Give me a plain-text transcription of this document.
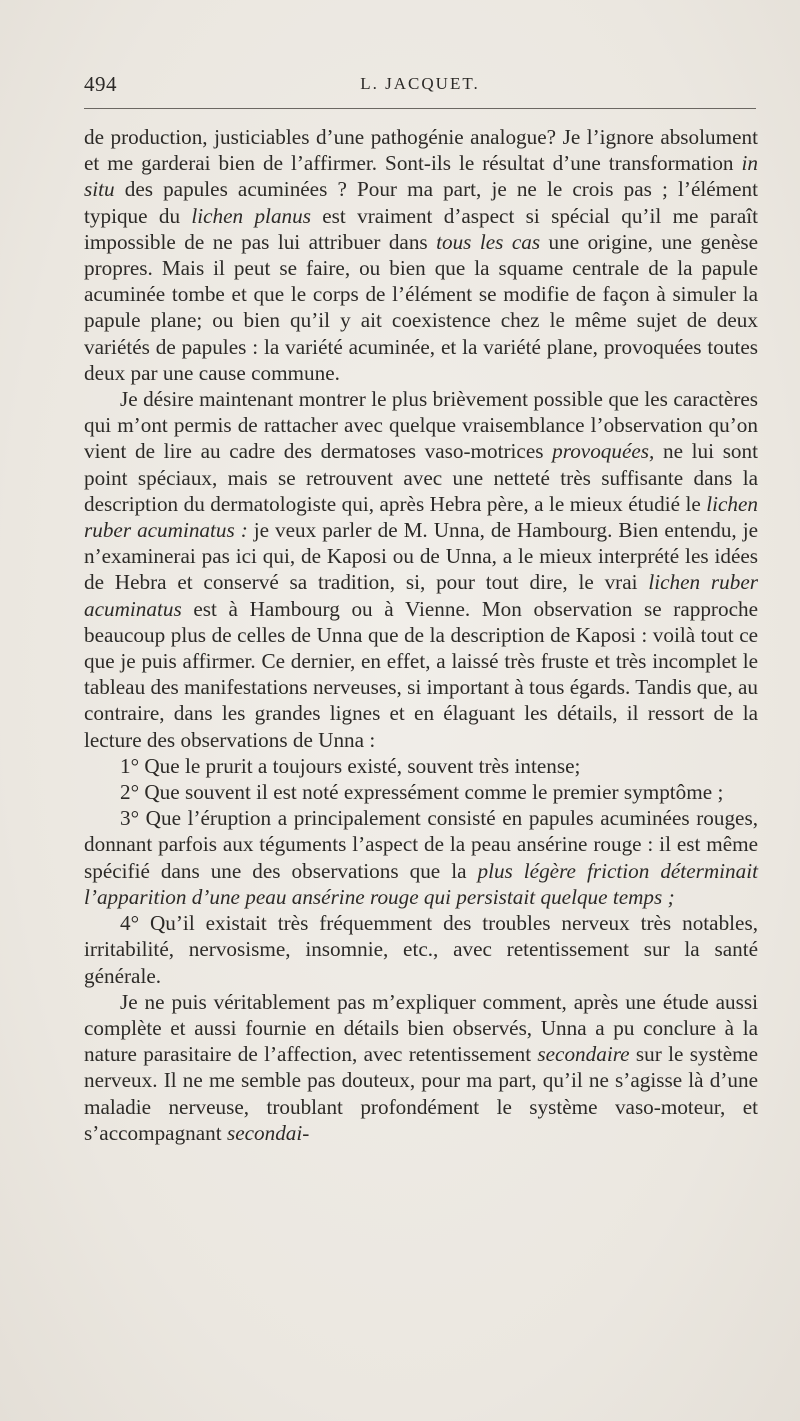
494	L. JACQUET.

de production, justiciables d’une pathogénie analogue? Je l’ignore absolument et me garderai bien de l’affirmer. Sont-ils le résultat d’une transformation in situ des papules acuminées ? Pour ma part, je ne le crois pas ; l’élément typique du lichen planus est vraiment d’aspect si spécial qu’il me paraît impossible de ne pas lui attribuer dans tous les cas une origine, une genèse propres. Mais il peut se faire, ou bien que la squame centrale de la papule acuminée tombe et que le corps de l’élément se modifie de façon à simuler la papule plane; ou bien qu’il y ait coexistence chez le même sujet de deux variétés de papules : la variété acuminée, et la variété plane, provoquées toutes deux par une cause commune.

Je désire maintenant montrer le plus brièvement possible que les caractères qui m’ont permis de rattacher avec quelque vraisemblance l’observation qu’on vient de lire au cadre des dermatoses vaso-motrices provoquées, ne lui sont point spéciaux, mais se retrouvent avec une netteté très suffisante dans la description du dermatologiste qui, après Hebra père, a le mieux étudié le lichen ruber acuminatus : je veux parler de M. Unna, de Hambourg. Bien entendu, je n’examinerai pas ici qui, de Kaposi ou de Unna, a le mieux interprété les idées de Hebra et conservé sa tradition, si, pour tout dire, le vrai lichen ruber acuminatus est à Hambourg ou à Vienne. Mon observation se rapproche beaucoup plus de celles de Unna que de la description de Kaposi : voilà tout ce que je puis affirmer. Ce dernier, en effet, a laissé très fruste et très incomplet le tableau des manifestations nerveuses, si important à tous égards. Tandis que, au contraire, dans les grandes lignes et en élaguant les détails, il ressort de la lecture des observations de Unna :

1° Que le prurit a toujours existé, souvent très intense;

2° Que souvent il est noté expressément comme le premier symptôme ;

3° Que l’éruption a principalement consisté en papules acuminées rouges, donnant parfois aux téguments l’aspect de la peau ansérine rouge : il est même spécifié dans une des observations que la plus légère friction déterminait l’apparition d’une peau ansérine rouge qui persistait quelque temps ;

4° Qu’il existait très fréquemment des troubles nerveux très notables, irritabilité, nervosisme, insomnie, etc., avec retentissement sur la santé générale.

Je ne puis véritablement pas m’expliquer comment, après une étude aussi complète et aussi fournie en détails bien observés, Unna a pu conclure à la nature parasitaire de l’affection, avec retentissement secondaire sur le système nerveux. Il ne me semble pas douteux, pour ma part, qu’il ne s’agisse là d’une maladie nerveuse, troublant profondément le système vaso-moteur, et s’accompagnant secondai-
